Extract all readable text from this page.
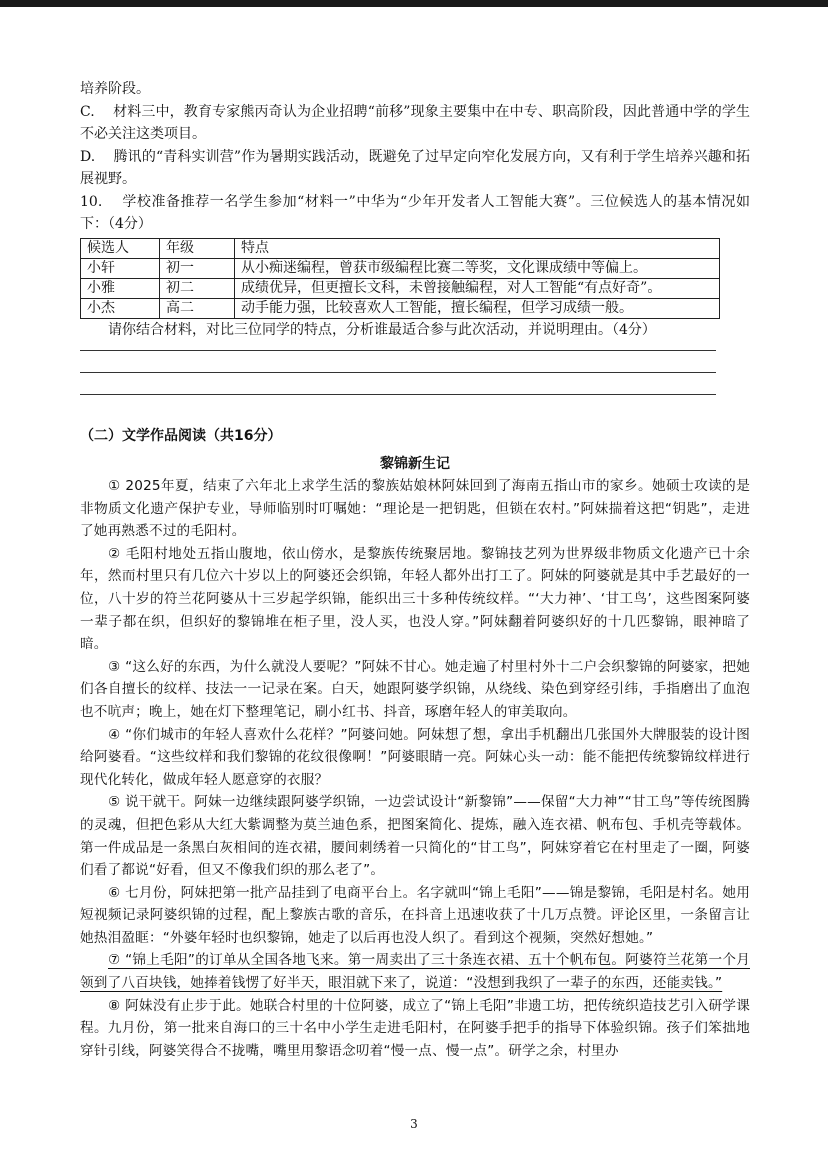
培养阶段。

C. 材料三中，教育专家熊丙奇认为企业招聘“前移”现象主要集中在中专、职高阶段，因此普通中学的学生不必关注这类项目。

D. 腾讯的“青科实训营”作为暑期实践活动，既避免了过早定向窄化发展方向，又有利于学生培养兴趣和拓展视野。

10. 学校准备推荐一名学生参加“材料一”中华为“少年开发者人工智能大赛”。三位候选人的基本情况如下：（4分）

候选人	年级	特点
小轩	初一	从小痴迷编程，曾获市级编程比赛二等奖，文化课成绩中等偏上。
小雅	初二	成绩优异，但更擅长文科，未曾接触编程，对人工智能“有点好奇”。
小杰	高二	动手能力强，比较喜欢人工智能，擅长编程，但学习成绩一般。

请你结合材料，对比三位同学的特点，分析谁最适合参与此次活动，并说明理由。（4分）

（二）文学作品阅读（共16分）

黎锦新生记

① 2025年夏，结束了六年北上求学生活的黎族姑娘林阿妹回到了海南五指山市的家乡。她硕士攻读的是非物质文化遗产保护专业，导师临别时叮嘱她：“理论是一把钥匙，但锁在农村。”阿妹揣着这把“钥匙”，走进了她再熟悉不过的毛阳村。

② 毛阳村地处五指山腹地，依山傍水，是黎族传统聚居地。黎锦技艺列为世界级非物质文化遗产已十余年，然而村里只有几位六十岁以上的阿婆还会织锦，年轻人都外出打工了。阿妹的阿婆就是其中手艺最好的一位，八十岁的符兰花阿婆从十三岁起学织锦，能织出三十多种传统纹样。“‘大力神’、‘甘工鸟’，这些图案阿婆一辈子都在织，但织好的黎锦堆在柜子里，没人买，也没人穿。”阿妹翻着阿婆织好的十几匹黎锦，眼神暗了暗。

③ “这么好的东西，为什么就没人要呢？”阿妹不甘心。她走遍了村里村外十二户会织黎锦的阿婆家，把她们各自擅长的纹样、技法一一记录在案。白天，她跟阿婆学织锦，从绕线、染色到穿经引纬，手指磨出了血泡也不吭声；晚上，她在灯下整理笔记，刷小红书、抖音，琢磨年轻人的审美取向。

④ “你们城市的年轻人喜欢什么花样？”阿婆问她。阿妹想了想，拿出手机翻出几张国外大牌服装的设计图给阿婆看。“这些纹样和我们黎锦的花纹很像啊！”阿婆眼睛一亮。阿妹心头一动：能不能把传统黎锦纹样进行现代化转化，做成年轻人愿意穿的衣服？

⑤ 说干就干。阿妹一边继续跟阿婆学织锦，一边尝试设计“新黎锦”——保留“大力神”“甘工鸟”等传统图腾的灵魂，但把色彩从大红大紫调整为莫兰迪色系，把图案简化、提炼，融入连衣裙、帆布包、手机壳等载体。第一件成品是一条黑白灰相间的连衣裙，腰间刺绣着一只简化的“甘工鸟”，阿妹穿着它在村里走了一圈，阿婆们看了都说“好看，但又不像我们织的那么老了”。

⑥ 七月份，阿妹把第一批产品挂到了电商平台上。名字就叫“锦上毛阳”——锦是黎锦，毛阳是村名。她用短视频记录阿婆织锦的过程，配上黎族古歌的音乐，在抖音上迅速收获了十几万点赞。评论区里，一条留言让她热泪盈眶：“外婆年轻时也织黎锦，她走了以后再也没人织了。看到这个视频，突然好想她。”

⑦ “锦上毛阳”的订单从全国各地飞来。第一周卖出了三十条连衣裙、五十个帆布包。阿婆符兰花第一个月领到了八百块钱，她捧着钱愣了好半天，眼泪就下来了，说道：“没想到我织了一辈子的东西，还能卖钱。”

⑧ 阿妹没有止步于此。她联合村里的十位阿婆，成立了“锦上毛阳”非遗工坊，把传统织造技艺引入研学课程。九月份，第一批来自海口的三十名中小学生走进毛阳村，在阿婆手把手的指导下体验织锦。孩子们笨拙地穿针引线，阿婆笑得合不拢嘴，嘴里用黎语念叨着“慢一点、慢一点”。研学之余，村里办

3
